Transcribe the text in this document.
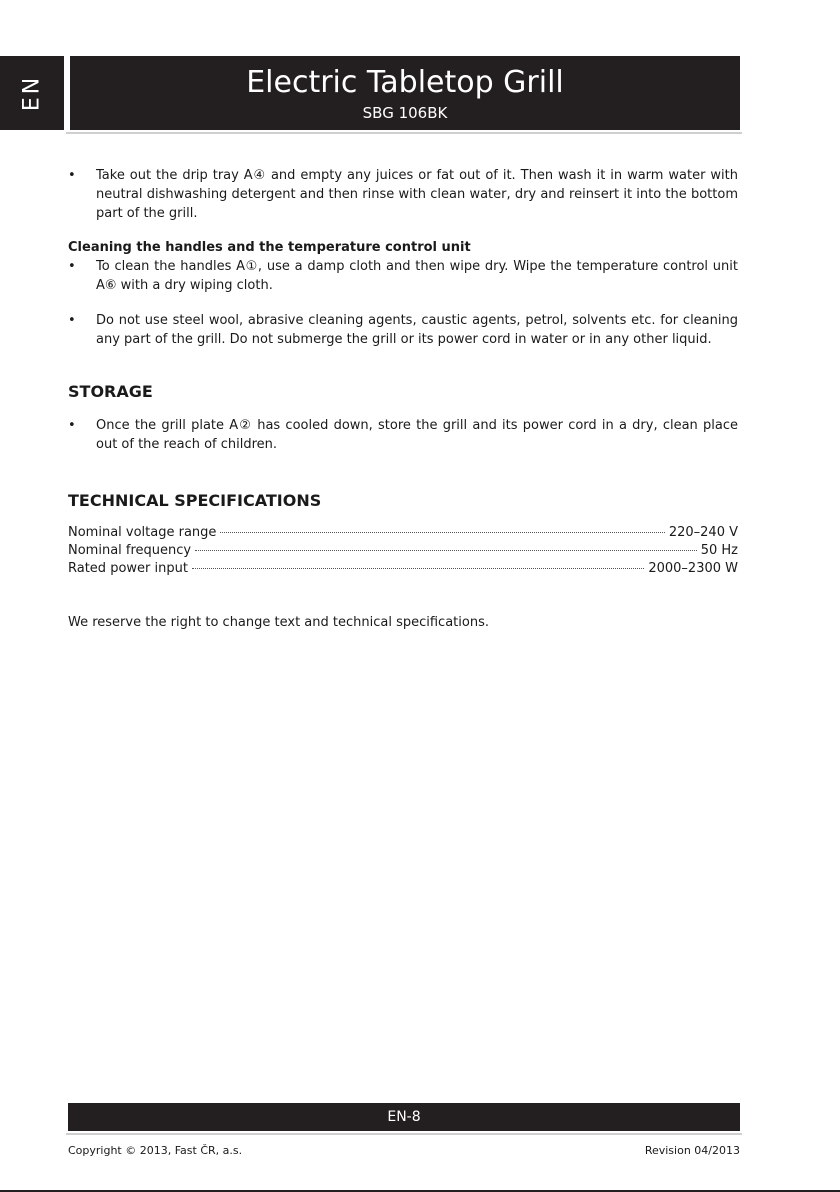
EN	Electric Tabletop Grill
SBG 106BK
• Take out the drip tray A④ and empty any juices or fat out of it. Then wash it in warm water with neutral dishwashing detergent and then rinse with clean water, dry and reinsert it into the bottom part of the grill.
Cleaning the handles and the temperature control unit
• To clean the handles A①, use a damp cloth and then wipe dry. Wipe the temperature control unit A⑥ with a dry wiping cloth.
• Do not use steel wool, abrasive cleaning agents, caustic agents, petrol, solvents etc. for cleaning any part of the grill. Do not submerge the grill or its power cord in water or in any other liquid.
STORAGE
• Once the grill plate A② has cooled down, store the grill and its power cord in a dry, clean place out of the reach of children.
TECHNICAL SPECIFICATIONS
Nominal voltage range	220–240 V
Nominal frequency	50 Hz
Rated power input	2000–2300 W
We reserve the right to change text and technical specifications.
EN-8
Copyright © 2013, Fast ČR, a.s.	Revision 04/2013
